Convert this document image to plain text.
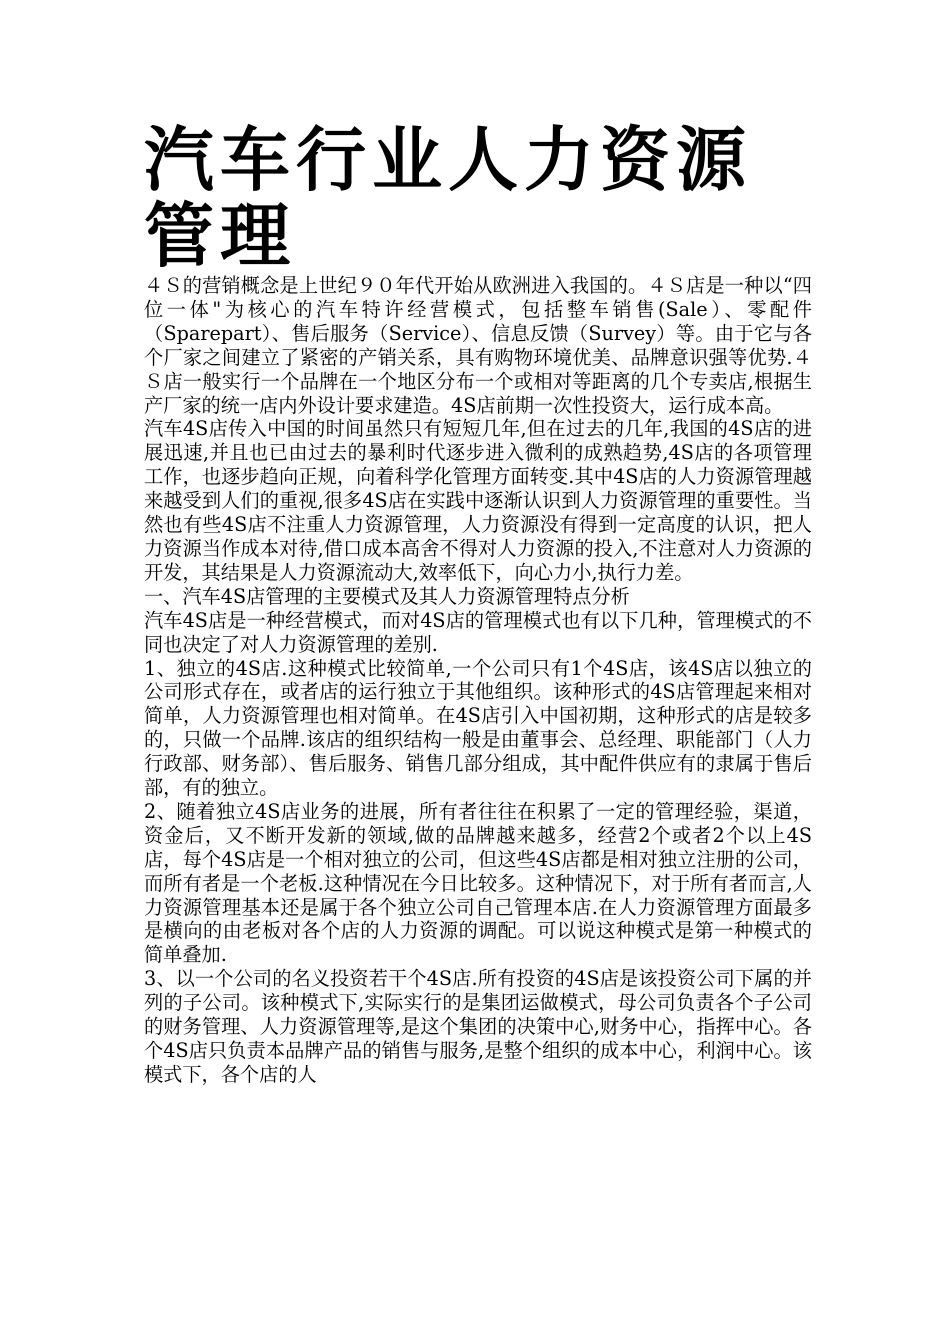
汽车行业人力资源管理

４Ｓ的营销概念是上世纪９０年代开始从欧洲进入我国的。４Ｓ店是一种以“四位一体"为核心的汽车特许经营模式，包括整车销售(Sale）、零配件（Sparepart）、售后服务（Service）、信息反馈（Survey）等。由于它与各个厂家之间建立了紧密的产销关系，具有购物环境优美、品牌意识强等优势.４Ｓ店一般实行一个品牌在一个地区分布一个或相对等距离的几个专卖店,根据生产厂家的统一店内外设计要求建造。4S店前期一次性投资大，运行成本高。

汽车4S店传入中国的时间虽然只有短短几年,但在过去的几年,我国的4S店的进展迅速,并且也已由过去的暴利时代逐步进入微利的成熟趋势,4S店的各项管理工作，也逐步趋向正规，向着科学化管理方面转变.其中4S店的人力资源管理越来越受到人们的重视,很多4S店在实践中逐渐认识到人力资源管理的重要性。当然也有些4S店不注重人力资源管理，人力资源没有得到一定高度的认识，把人力资源当作成本对待,借口成本高舍不得对人力资源的投入,不注意对人力资源的开发，其结果是人力资源流动大,效率低下，向心力小,执行力差。

一、汽车4S店管理的主要模式及其人力资源管理特点分析

汽车4S店是一种经营模式，而对4S店的管理模式也有以下几种，管理模式的不同也决定了对人力资源管理的差别.

1、独立的4S店.这种模式比较简单,一个公司只有1个4S店，该4S店以独立的公司形式存在，或者店的运行独立于其他组织。该种形式的4S店管理起来相对简单，人力资源管理也相对简单。在4S店引入中国初期，这种形式的店是较多的，只做一个品牌.该店的组织结构一般是由董事会、总经理、职能部门（人力行政部、财务部）、售后服务、销售几部分组成，其中配件供应有的隶属于售后部，有的独立。

2、随着独立4S店业务的进展，所有者往往在积累了一定的管理经验，渠道，资金后，又不断开发新的领域,做的品牌越来越多，经营2个或者2个以上4S店，每个4S店是一个相对独立的公司，但这些4S店都是相对独立注册的公司，而所有者是一个老板.这种情况在今日比较多。这种情况下，对于所有者而言,人力资源管理基本还是属于各个独立公司自己管理本店.在人力资源管理方面最多是横向的由老板对各个店的人力资源的调配。可以说这种模式是第一种模式的简单叠加.

3、以一个公司的名义投资若干个4S店.所有投资的4S店是该投资公司下属的并列的子公司。该种模式下,实际实行的是集团运做模式，母公司负责各个子公司的财务管理、人力资源管理等,是这个集团的决策中心,财务中心，指挥中心。各个4S店只负责本品牌产品的销售与服务,是整个组织的成本中心，利润中心。该模式下，各个店的人
